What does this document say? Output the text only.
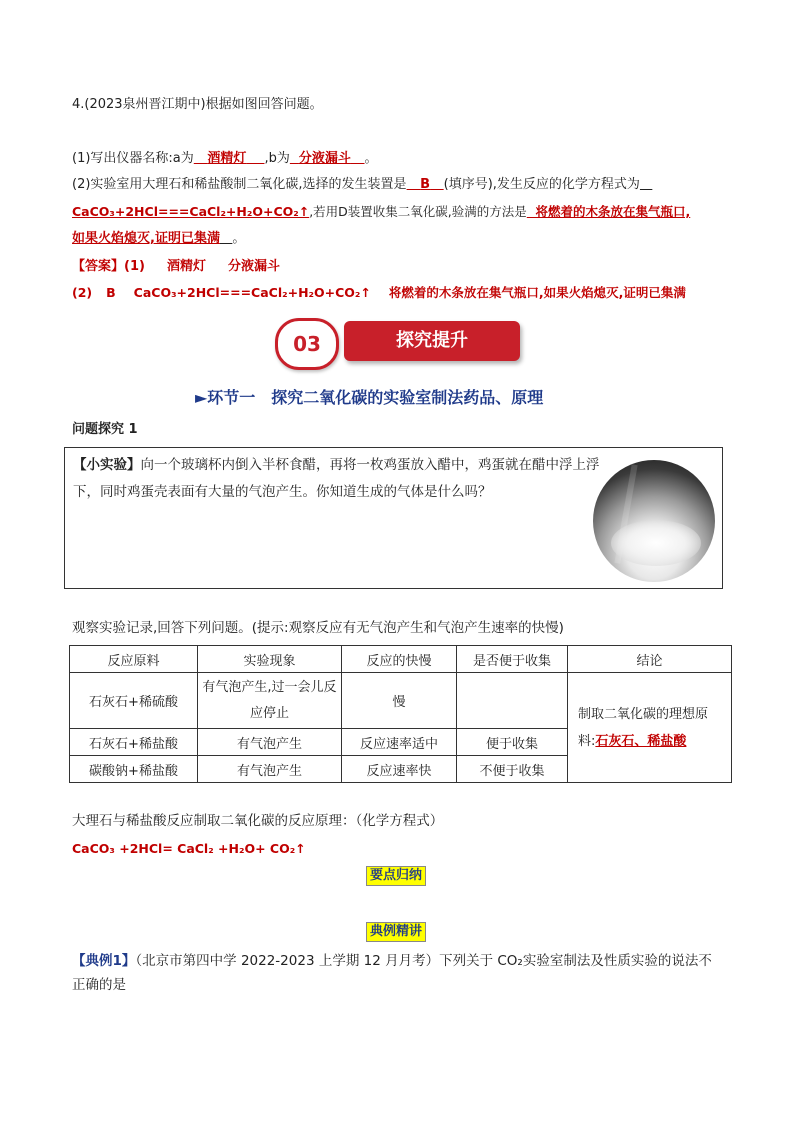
4.(2023泉州晋江期中)根据如图回答问题。
(1)写出仪器名称:a为 酒精灯 ,b为 分液漏斗 。
(2)实验室用大理石和稀盐酸制二氧化碳,选择的发生装置是 B (填序号),发生反应的化学方程式为
CaCO₃+2HCl===CaCl₂+H₂O+CO₂↑,若用D装置收集二氧化碳,验满的方法是 将燃着的木条放在集气瓶口,
如果火焰熄灭,证明已集满 。
【答案】(1) 酒精灯 分液漏斗
(2) B CaCO₃+2HCl===CaCl₂+H₂O+CO₂↑ 将燃着的木条放在集气瓶口,如果火焰熄灭,证明已集满
03	探究提升
►环节一　探究二氧化碳的实验室制法药品、原理
问题探究 1
【小实验】向一个玻璃杯内倒入半杯食醋，再将一枚鸡蛋放入醋中，鸡蛋就在醋中浮上浮下，同时鸡蛋壳表面有大量的气泡产生。你知道生成的气体是什么吗？
观察实验记录,回答下列问题。(提示:观察反应有无气泡产生和气泡产生速率的快慢)
反应原料	实验现象	反应的快慢	是否便于收集	结论
石灰石+稀硫酸	有气泡产生,过一会儿反应停止	慢		制取二氧化碳的理想原
料:石灰石、稀盐酸
石灰石+稀盐酸	有气泡产生	反应速率适中	便于收集	
碳酸钠+稀盐酸	有气泡产生	反应速率快	不便于收集	
大理石与稀盐酸反应制取二氧化碳的反应原理：（化学方程式）
CaCO₃ +2HCl= CaCl₂ +H₂O+ CO₂↑
要点归纳
典例精讲
【典例1】（北京市第四中学 2022-2023 上学期 12 月月考）下列关于 CO₂实验室制法及性质实验的说法不
正确的是
